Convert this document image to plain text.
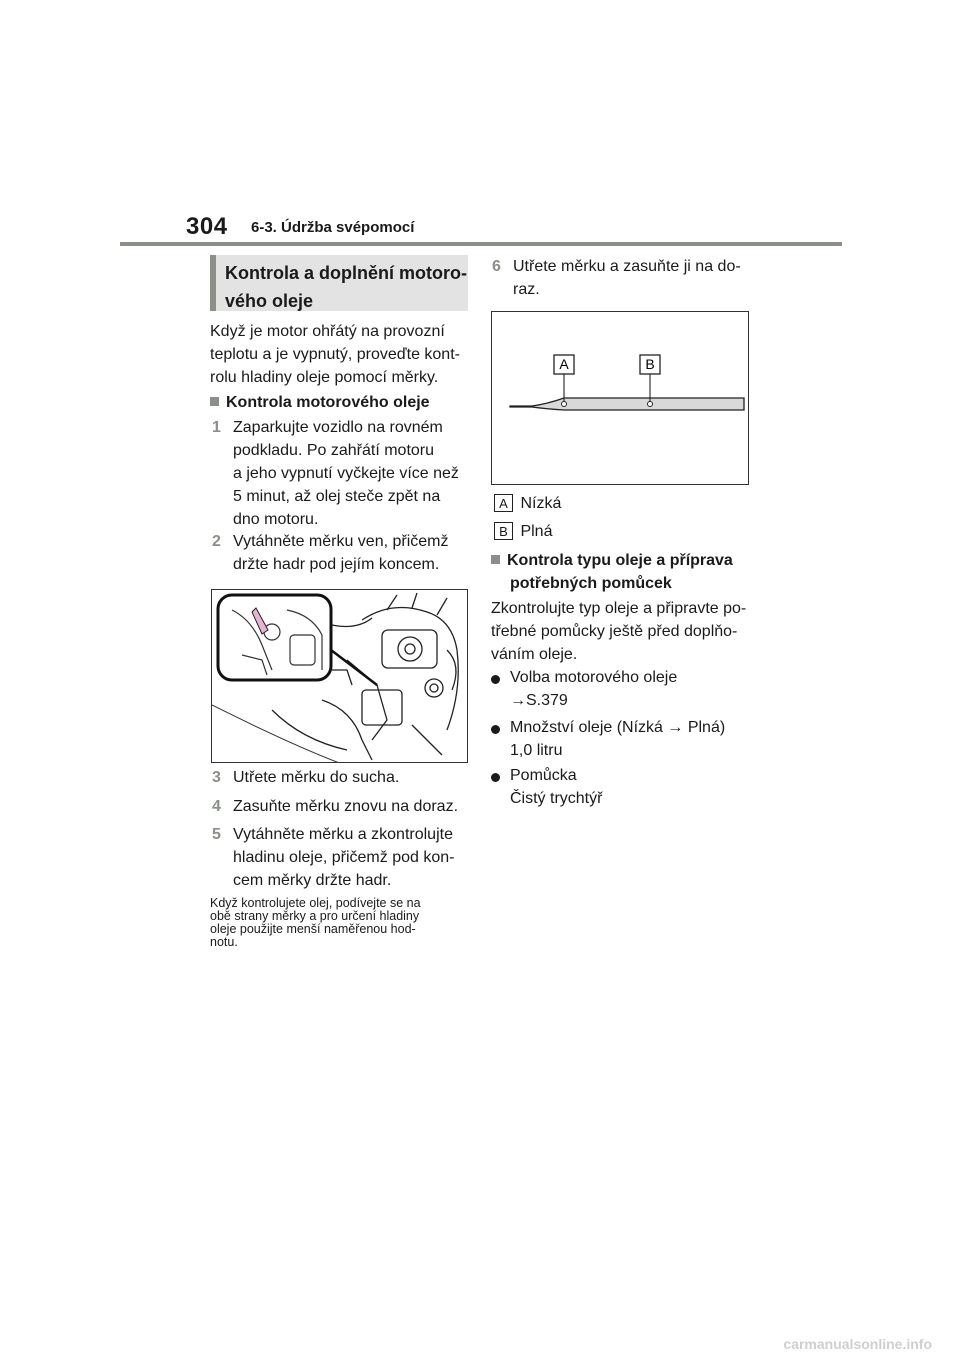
304 6-3. Údržba svépomocí
Kontrola a doplnění motoro-
vého oleje
Když je motor ohřátý na provozní
teplotu a je vypnutý, proveďte kont-
rolu hladiny oleje pomocí měrky.
Kontrola motorového oleje
1 Zaparkujte vozidlo na rovném
podkladu. Po zahřátí motoru
a jeho vypnutí vyčkejte více než
5 minut, až olej steče zpět na
dno motoru.
2 Vytáhněte měrku ven, přičemž
držte hadr pod jejím koncem.
3 Utřete měrku do sucha.
4 Zasuňte měrku znovu na doraz.
5 Vytáhněte měrku a zkontrolujte
hladinu oleje, přičemž pod kon-
cem měrky držte hadr.
Když kontrolujete olej, podívejte se na
obě strany měrky a pro určení hladiny
oleje použijte menší naměřenou hod-
notu.
6 Utřete měrku a zasuňte ji na do-
raz.
A	B
A Nízká
B Plná
Kontrola typu oleje a příprava
potřebných pomůcek
Zkontrolujte typ oleje a připravte po-
třebné pomůcky ještě před doplňo-
váním oleje.
Volba motorového oleje
→S.379
Množství oleje (Nízká → Plná)
1,0 litru
Pomůcka
Čistý trychtýř
carmanualsonline.info
